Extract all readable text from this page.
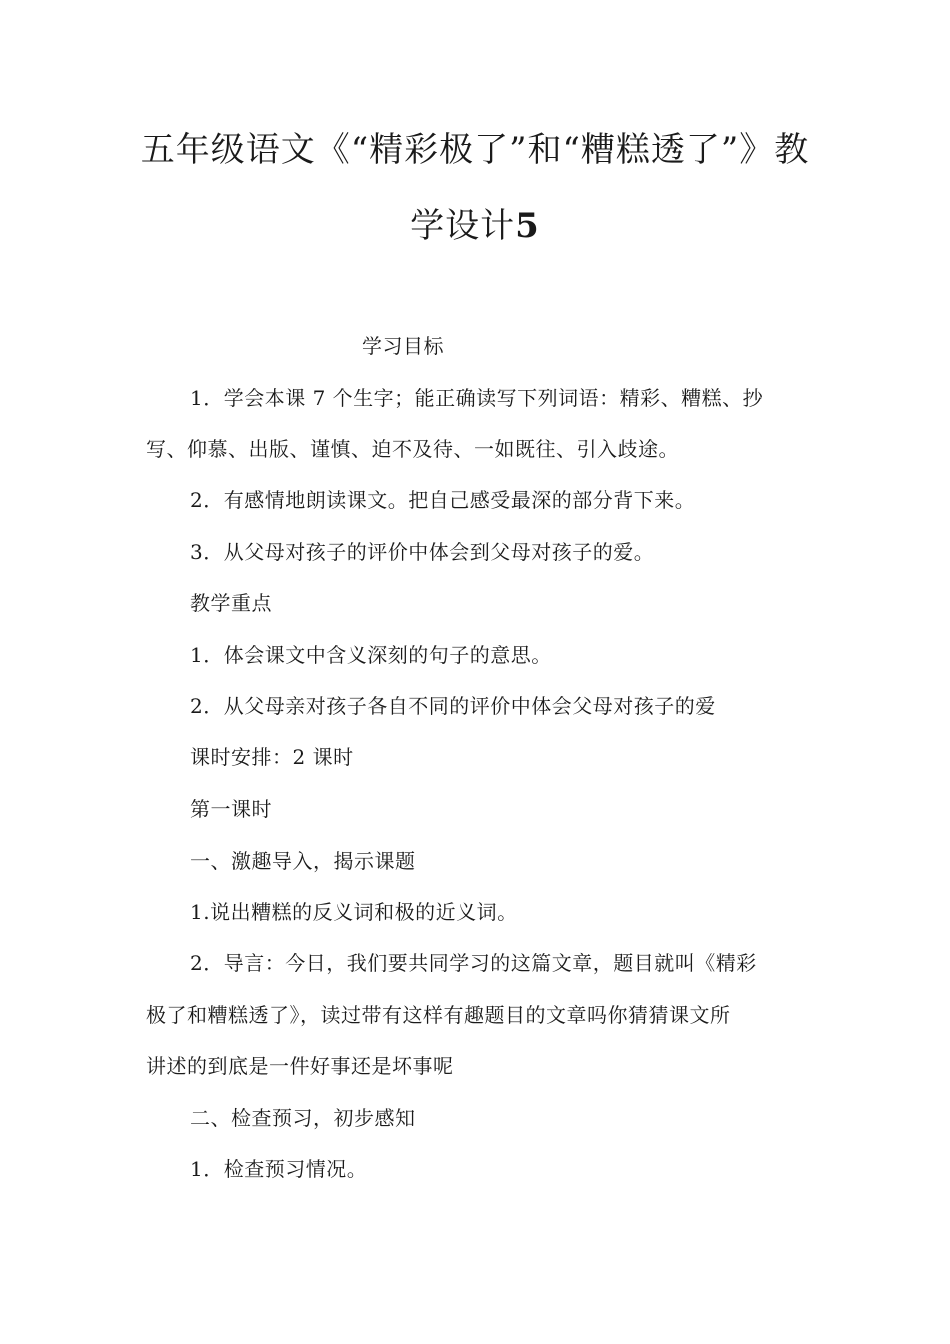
五年级语文《“精彩极了”和“糟糕透了”》教
学设计5
学习目标
1．学会本课 7 个生字；能正确读写下列词语：精彩、糟糕、抄
写、仰慕、出版、谨慎、迫不及待、一如既往、引入歧途。
2．有感情地朗读课文。把自己感受最深的部分背下来。
3．从父母对孩子的评价中体会到父母对孩子的爱。
教学重点
1．体会课文中含义深刻的句子的意思。
2．从父母亲对孩子各自不同的评价中体会父母对孩子的爱
课时安排：2 课时
第一课时
一、激趣导入，揭示课题
1.说出糟糕的反义词和极的近义词。
2．导言：今日，我们要共同学习的这篇文章，题目就叫《精彩
极了和糟糕透了》，读过带有这样有趣题目的文章吗你猜猜课文所
讲述的到底是一件好事还是坏事呢
二、检查预习，初步感知
1．检查预习情况。
